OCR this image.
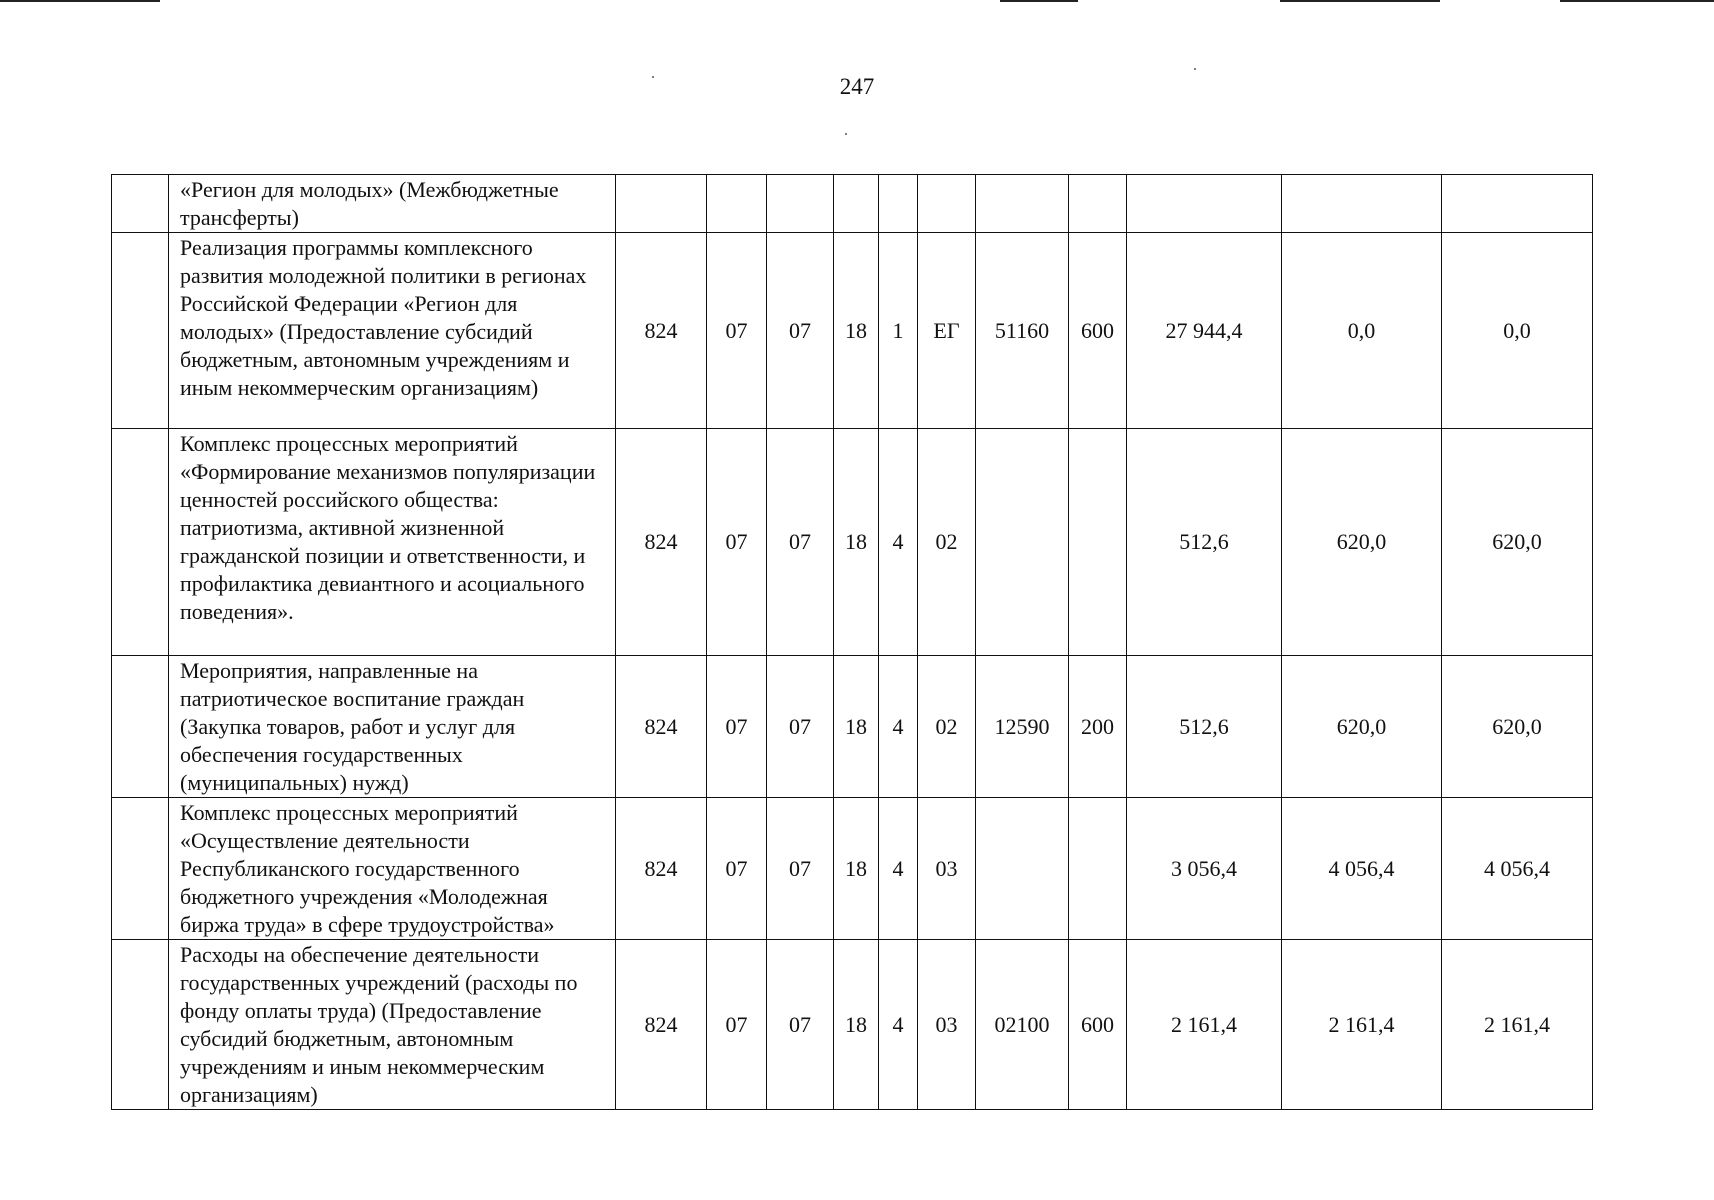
247
	«Регион для молодых» (Межбюджетные трансферты)											
	Реализация программы комплексного развития молодежной политики в регионах Российской Федерации «Регион для молодых» (Предоставление субсидий бюджетным, автономным учреждениям и иным некоммерческим организациям)	824	07	07	18	1	ЕГ	51160	600	27 944,4	0,0	0,0
	Комплекс процессных мероприятий «Формирование механизмов популяризации ценностей российского общества: патриотизма, активной жизненной гражданской позиции и ответственности, и профилактика девиантного и асоциального поведения».	824	07	07	18	4	02			512,6	620,0	620,0
	Мероприятия, направленные на патриотическое воспитание граждан (Закупка товаров, работ и услуг для обеспечения государственных (муниципальных) нужд)	824	07	07	18	4	02	12590	200	512,6	620,0	620,0
	Комплекс процессных мероприятий «Осуществление деятельности Республиканского государственного бюджетного учреждения «Молодежная биржа труда» в сфере трудоустройства»	824	07	07	18	4	03			3 056,4	4 056,4	4 056,4
	Расходы на обеспечение деятельности государственных учреждений (расходы по фонду оплаты труда) (Предоставление субсидий бюджетным, автономным учреждениям и иным некоммерческим организациям)	824	07	07	18	4	03	02100	600	2 161,4	2 161,4	2 161,4
